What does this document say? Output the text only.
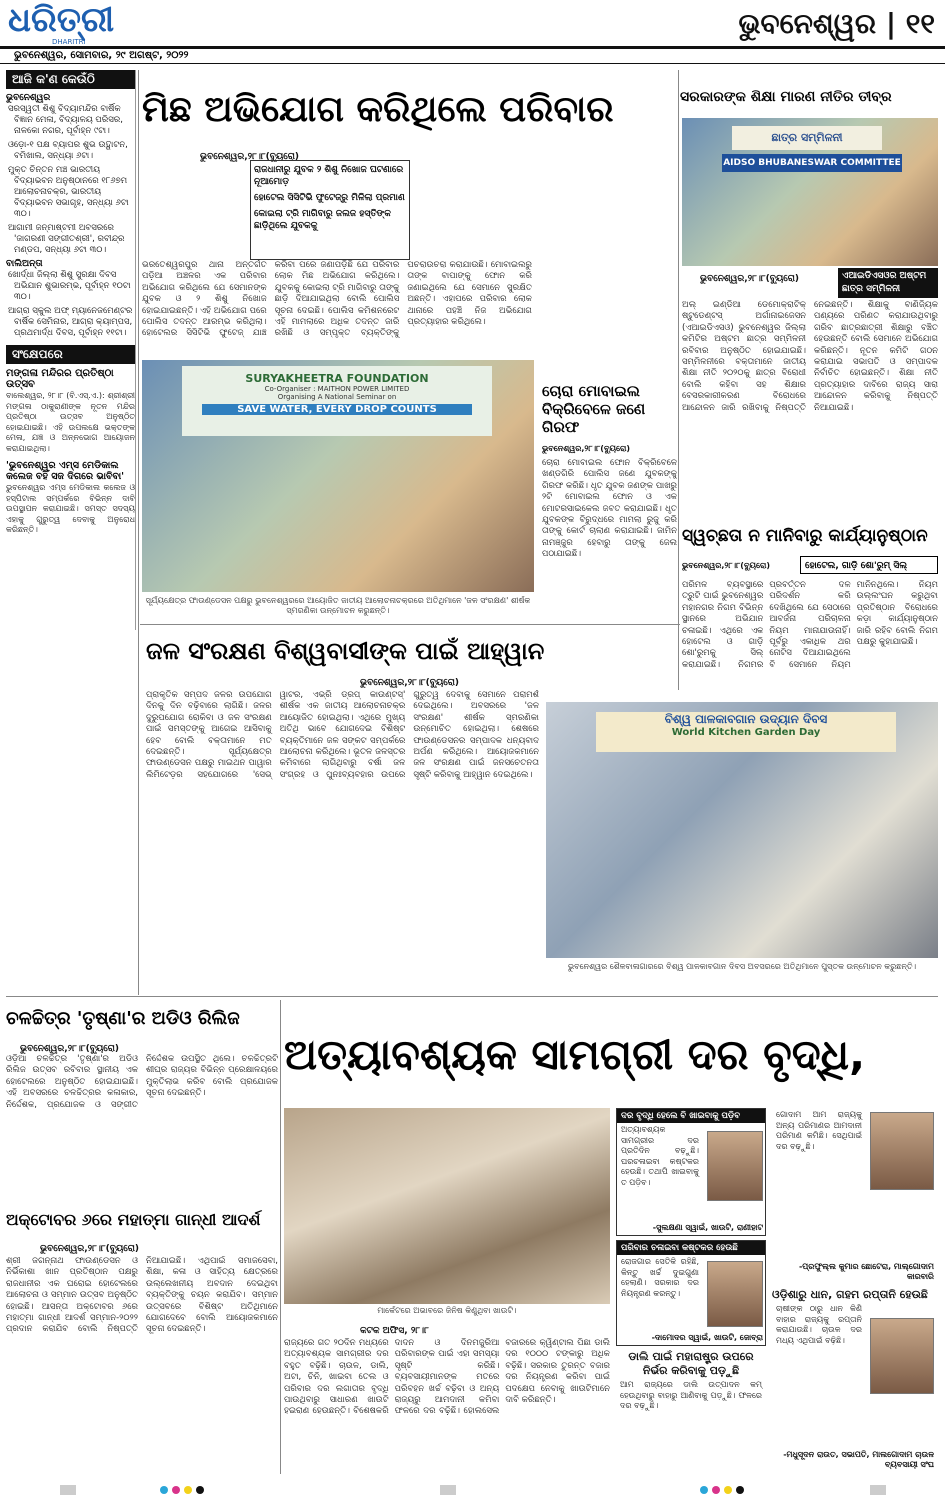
ଧରିତ୍ରୀ
DHARITRI
ଭୁବନେଶ୍ୱର | ୧୧
ଭୁବନେଶ୍ୱର, ସୋମବାର, ୨୯ ଅଗଷ୍ଟ, ୨୦୨୨
ଆଜି କ'ଣ କେଉଁଠି
ଭୁବନେଶ୍ୱର
ସରସ୍ୱତୀ ଶିଶୁ ବିଦ୍ୟାମନ୍ଦିର ବାର୍ଷିକ ବିଜ୍ଞାନ ମେଳା, ବିଦ୍ୟାଳୟ ପରିସର, ନାଳକୋ ନଗର, ପୂର୍ବାହ୍ନ ୯ଟା।
ଓଡ଼ୋ-୧ ପକ୍ଷ ବ୍ୟାପର ଶୁଭ ଉଦ୍ଘାଟନ, ବମିଖାଲ, ସନ୍ଧ୍ୟା ୬ଟା।
ମୁକ୍ତ ଚିନ୍ତନ ମଞ୍ଚ ଭାରତୀୟ ବିଦ୍ୟାଭବନ ଅନୁଷ୍ଠାନରେ ୧୮୬୭ମ ଆଲୋଚନାଚକ୍ର, ଭାରତୀୟ ବିଦ୍ୟାଭବନ ସଭାଗୃହ, ସନ୍ଧ୍ୟା ୬ଟା ୩୦।
ଆଗାମୀ ଜନ୍ମାଷ୍ଟମୀ ଅବସରରେ 'ଜାଗରଣୀ ସଙ୍ଗୀତଶ୍ରୀ', ରବୀନ୍ଦ୍ର ମଣ୍ଡପ, ସନ୍ଧ୍ୟା ୬ଟା ୩୦।
ବାଲିଅନ୍ତା
ଖୋର୍ଦ୍ଧା ଜିଲ୍ଲା ଶିଶୁ ସୁରକ୍ଷା ଦିବସ ଅଭିଯାନ ଶୁଭାରମ୍ଭ, ପୂର୍ବାହ୍ନ ୧୦ଟା ୩୦।
ଆଗ୍ରା ସ୍କୁଲ ଅଫ୍ ମ୍ୟାନେଜମେଣ୍ଟର ବାର୍ଷିକ ସେମିନାର, ଆଗ୍ରା କ୍ୟାମ୍ପସ, ପ୍ରଥମାର୍ଦ୍ଧ ଦିବସ, ପୂର୍ବାହ୍ନ ୧୧ଟା।
ସଂକ୍ଷେପରେ
ମଙ୍ଗଳା ମନ୍ଦିରର ପ୍ରତିଷ୍ଠା ଉତ୍ସବ
ବାଲେଶ୍ୱର, ୨୮।୮ (ବି.ଏସ୍.ଏ.): ଶ୍ରୀଶ୍ରୀ ମଙ୍ଗଳା ଠାକୁରାଣୀଙ୍କ ନୂତନ ମନ୍ଦିର ପ୍ରତିଷ୍ଠା ଉତ୍ସବ ଅନୁଷ୍ଠିତ ହୋଇଯାଇଛି। ଏହି ଉପଲକ୍ଷେ ଭକ୍ତଙ୍କ ମେଳା, ଯଜ୍ଞ ଓ ଅନ୍ନଭୋଗ ଆୟୋଜନ କରାଯାଇଥିଲା।
'ଭୁବନେଶ୍ୱର ଏମ୍ସ ମେଡିକାଲ କଲେଜ ବହିଁ ସଜ ଦିଗରେ ଭାବିବା'
ଭୁବନେଶ୍ୱର ଏମ୍ସ ମେଡିକାଲ କଲେଜ ଓ ହସ୍ପିଟାଲ ସମ୍ପର୍କରେ ବିଭିନ୍ନ ଦାବି ଉପସ୍ଥାପନ କରାଯାଇଛି। ସମସ୍ତ ସଦସ୍ୟ ଏହାକୁ ଗୁରୁତ୍ୱ ଦେବାକୁ ଅନୁରୋଧ କରିଛନ୍ତି।
ମିଛ ଅଭିଯୋଗ କରିଥିଲେ ପରିବାର
ଭୁବନେଶ୍ୱର,୨୮।୮(ବ୍ୟୁରୋ)
ରାଜଧାନୀରୁ ଯୁବକ ୨ ଶିଶୁ ନିଖୋଜ ଘଟଣାରେ ନୂଆମୋଡ଼
ହୋଟେଲ ସିସିଟିଭି ଫୁଟେଜ୍ରୁ ମିଳିଲା ପ୍ରମାଣ
କୋଇଲା ଟ୍ରି ମାଗିବାରୁ ଜଲଜ ହସ୍ତିଙ୍କ ଛାଡ଼ିଥିଲେ ଯୁବକକୁ
ଭରତେଶ୍ୱରପୁର ଥାନା ଅନ୍ତର୍ଗତ ପଡ଼ିଆ ଅଞ୍ଚଳର ଏକ ପରିବାର ଅଭିଯୋଗ କରିଥିଲେ ଯେ ସେମାନଙ୍କ ଯୁବକ ଓ ୨ ଶିଶୁ ନିଖୋଜ ହୋଇଯାଇଛନ୍ତି। ଏହି ଅଭିଯୋଗ ପରେ ପୋଲିସ ତଦନ୍ତ ଆରମ୍ଭ କରିଥିଲା। ହୋଟେଲର ସିସିଟିଭି ଫୁଟେଜ୍ ଯାଞ୍ଚ କରିବା ପରେ ଜଣାପଡ଼ିଛି ଯେ ପରିବାର ଲୋକ ମିଛ ଅଭିଯୋଗ କରିଥିଲେ। ଯୁବକକୁ କୋଇଲା ଟ୍ରି ମାଗିବାରୁ ତାଙ୍କୁ ଛାଡ଼ି ଦିଆଯାଇଥିଲା ବୋଲି ପୋଲିସ ସୂଚନା ଦେଇଛି। ପୋଲିସ କମିଶନରେଟ ଏହି ମାମଲାରେ ଅଧିକ ତଦନ୍ତ ଜାରି ରଖିଛି ଓ ସମ୍ପୃକ୍ତ ବ୍ୟକ୍ତିଙ୍କୁ ପଚରାଉଚରା କରାଯାଉଛି। ମୋବାଇଲରୁ ତାଙ୍କ ବାପାଙ୍କୁ ଫୋନ କରି ଜଣାଇଥିଲେ ଯେ ସେମାନେ ସୁରକ୍ଷିତ ଅଛନ୍ତି। ଏହାପରେ ପରିବାର ଲୋକ ଥାନାରେ ପହଞ୍ଚି ନିଜ ଅଭିଯୋଗ ପ୍ରତ୍ୟାହାର କରିଥିଲେ।
ସରକାରଙ୍କ ଶିକ୍ଷା ମାରଣ ନୀତିର ତୀବ୍ର
ଛାତ୍ର ସମ୍ମିଳନୀ
AIDSO BHUBANESWAR COMMITTEE
ଭୁବନେଶ୍ୱର,୨୮।୮(ବ୍ୟୁରୋ)	ଏଆଇଡିଏସଓର ଅଷ୍ଟମ ଛାତ୍ର ସମ୍ମିଳନୀ
ଅଲ୍ ଇଣ୍ଡିଆ ଡେମୋକ୍ରାଟିକ୍ ଷ୍ଟୁଡେଣ୍ଟସ୍ ଅର୍ଗାନାଇଜେସନ (ଏଆଇଡିଏସଓ) ଭୁବନେଶ୍ୱର ଜିଲ୍ଲା କମିଟିର ଅଷ୍ଟମ ଛାତ୍ର ସମ୍ମିଳନୀ ରବିବାର ଅନୁଷ୍ଠିତ ହୋଇଯାଇଛି। ସମ୍ମିଳନୀରେ ବକ୍ତାମାନେ ଜାତୀୟ ଶିକ୍ଷା ନୀତି ୨୦୨୦କୁ ଛାତ୍ର ବିରୋଧୀ ବୋଲି କହିବା ସହ ଶିକ୍ଷାର ବେସରକାରୀକରଣ ବିରୋଧରେ ଆନ୍ଦୋଳନ ଜାରି ରଖିବାକୁ ନିଷ୍ପତ୍ତି ନେଇଛନ୍ତି। ଶିକ୍ଷାକୁ ବାଣିଜ୍ୟିକ ପଣ୍ୟରେ ପରିଣତ କରାଯାଉଥିବାରୁ ଗରିବ ଛାତ୍ରଛାତ୍ରୀ ଶିକ୍ଷାରୁ ବଞ୍ଚିତ ହେଉଛନ୍ତି ବୋଲି ସେମାନେ ଅଭିଯୋଗ କରିଛନ୍ତି। ନୂତନ କମିଟି ଗଠନ କରାଯାଇ ସଭାପତି ଓ ସମ୍ପାଦକ ନିର୍ବାଚିତ ହୋଇଛନ୍ତି। ଶିକ୍ଷା ନୀତି ପ୍ରତ୍ୟାହାର ଦାବିରେ ରାଜ୍ୟ ସାରା ଆନ୍ଦୋଳନ କରିବାକୁ ନିଷ୍ପତ୍ତି ନିଆଯାଇଛି।
SURYAKHEETRA FOUNDATION
Co-Organiser : MAITHON POWER LIMITED
Organising A National Seminar on
SAVE WATER, EVERY DROP COUNTS
ସୂର୍ଯ୍ୟକ୍ଷେତ୍ର ଫାଉଣ୍ଡେସନ ପକ୍ଷରୁ ଭୁବନେଶ୍ୱରରେ ଆୟୋଜିତ ଜାତୀୟ ଆଲୋଚନାଚକ୍ରରେ ଅତିଥିମାନେ 'ଜଳ ସଂରକ୍ଷଣ' ଶୀର୍ଷକ ସ୍ମରଣିକା ଉନ୍ମୋଚନ କରୁଛନ୍ତି।
ଚୋରା ମୋବାଇଲ ବିକ୍ରିବେଳେ ଜଣେ ଗିରଫ
ଭୁବନେଶ୍ୱର,୨୮।୮(ବ୍ୟୁରୋ)
ଚୋରା ମୋବାଇଲ ଫୋନ ବିକ୍ରିବେଳେ ଖଣ୍ଡଗିରି ପୋଲିସ ଜଣେ ଯୁବକଙ୍କୁ ଗିରଫ କରିଛି। ଧୃତ ଯୁବକ ଜଣଙ୍କ ପାଖରୁ ୨ଟି ମୋବାଇଲ ଫୋନ ଓ ଏକ ମୋଟରସାଇକେଲ ଜବତ କରାଯାଇଛି। ଧୃତ ଯୁବକଙ୍କ ବିରୁଦ୍ଧରେ ମାମଲା ରୁଜୁ କରି ତାଙ୍କୁ କୋର୍ଟ ଚାଲାଣ କରାଯାଇଛି। ଜାମିନ ନାମଞ୍ଜୁର ହେବାରୁ ତାଙ୍କୁ ଜେଲ ପଠାଯାଇଛି।
ସ୍ୱଚ୍ଛତା ନ ମାନିବାରୁ କାର୍ଯ୍ୟାନୁଷ୍ଠାନ
ଭୁବନେଶ୍ୱର,୨୮।୮(ବ୍ୟୁରୋ)	ହୋଟେଲ, ଗାଡ଼ି ଶୋ'ରୁମ୍ ସିଲ୍
ପରିମଳ ବ୍ୟବସ୍ଥାରେ ତ୍ରୁଟି ପାଇଁ ଭୁବନେଶ୍ୱର ମହାନଗର ନିଗମ ବିଭିନ୍ନ ସ୍ଥାନରେ ଅଭିଯାନ ଚଳାଇଛି। ଏଥିରେ ଏକ ହୋଟେଲ ଓ ଗାଡ଼ି ଶୋ'ରୁମକୁ ସିଲ୍ କରାଯାଇଛି। ନିଗମର ପ୍ରବର୍ତ୍ତନ ଦଳ ପରିଦର୍ଶନ କରି ଦେଖିଥିଲେ ଯେ ସେଠାରେ ଆବର୍ଜନା ପରିଚାଳନା ନିୟମ ମାନାଯାଉନାହିଁ। ପୂର୍ବରୁ ଏକାଧିକ ଥର ନୋଟିସ ଦିଆଯାଇଥିଲେ ବି ସେମାନେ ନିୟମ ମାନିନଥିଲେ। ନିୟମ ଉଲ୍ଲଂଘନ କରୁଥିବା ପ୍ରତିଷ୍ଠାନ ବିରୋଧରେ କଡ଼ା କାର୍ଯ୍ୟାନୁଷ୍ଠାନ ଜାରି ରହିବ ବୋଲି ନିଗମ ପକ୍ଷରୁ କୁହାଯାଇଛି।
ଜଳ ସଂରକ୍ଷଣ ବିଶ୍ୱବାସୀଙ୍କ ପାଇଁ ଆହ୍ୱାନ
ଭୁବନେଶ୍ୱର,୨୮।୮(ବ୍ୟୁରୋ)
ପ୍ରାକୃତିକ ସମ୍ପଦ ଜଳର ଉପଯୋଗ ଦିନକୁ ଦିନ ବଢ଼ିବାରେ ଲାଗିଛି। ଜଳର ଦୁରୁପଯୋଗ ରୋକିବା ଓ ଜଳ ସଂରକ୍ଷଣ ପାଇଁ ସମସ୍ତଙ୍କୁ ଆଗେଇ ଆସିବାକୁ ହେବ ବୋଲି ବକ୍ତାମାନେ ମତ ଦେଇଛନ୍ତି। ସୂର୍ଯ୍ୟକ୍ଷେତ୍ର ଫାଉଣ୍ଡେସନ ପକ୍ଷରୁ ମାଇଥନ ପାୱାର ଲିମିଟେଡ଼ର ସହଯୋଗରେ 'ସେଭ୍ ୱାଟର, ଏଭ୍ରି ଡ୍ରପ୍ କାଉଣ୍ଟସ୍' ଶୀର୍ଷକ ଏକ ଜାତୀୟ ଆଲୋଚନାଚକ୍ର ଆୟୋଜିତ ହୋଇଥିଲା। ଏଥିରେ ମୁଖ୍ୟ ଅତିଥି ଭାବେ ଯୋଗଦେଇ ବିଶିଷ୍ଟ ବ୍ୟକ୍ତିମାନେ ଜଳ ସଙ୍କଟ ସମ୍ପର୍କରେ ଆଲୋଚନା କରିଥିଲେ। ଭୂତଳ ଜଳସ୍ତର କମିବାରେ ଲାଗିଥିବାରୁ ବର୍ଷା ଜଳ ସଂଗ୍ରହ ଓ ପୁନଃବ୍ୟବହାର ଉପରେ ଗୁରୁତ୍ୱ ଦେବାକୁ ସେମାନେ ପରାମର୍ଶ ଦେଇଥିଲେ। ଅବସରରେ 'ଜଳ ସଂରକ୍ଷଣ' ଶୀର୍ଷକ ସ୍ମରଣିକା ଉନ୍ମୋଚିତ ହୋଇଥିଲା। ଶେଷରେ ଫାଉଣ୍ଡେସନର ସମ୍ପାଦକ ଧନ୍ୟବାଦ ଅର୍ପଣ କରିଥିଲେ। ଆୟୋଜକମାନେ ଜଳ ସଂରକ୍ଷଣ ପାଇଁ ଜନସଚେତନତା ସୃଷ୍ଟି କରିବାକୁ ଆହ୍ୱାନ ଦେଇଥିଲେ।
ବିଶ୍ୱ ପାଳକାବଗାନ ଉଦ୍ୟାନ ଦିବସ
World Kitchen Garden Day
ଭୁବନେଶ୍ୱର ଶୈଳବାଳାଗାରରେ ବିଶ୍ୱ ପାଳକାବଗାନ ଦିବସ ଅବସରରେ ଅତିଥିମାନେ ପୁସ୍ତକ ଉନ୍ମୋଚନ କରୁଛନ୍ତି।
ଚଳଚ୍ଚିତ୍ର 'ତୃଷ୍ଣା'ର ଅଡିଓ ରିଲିଜ
ଭୁବନେଶ୍ୱର,୨୮।୮(ବ୍ୟୁରୋ)
ଓଡ଼ିଆ ଚଳଚ୍ଚିତ୍ର 'ତୃଷ୍ଣା'ର ଅଡିଓ ରିଲିଜ ଉତ୍ସବ ରବିବାର ସ୍ଥାନୀୟ ଏକ ହୋଟେଲରେ ଅନୁଷ୍ଠିତ ହୋଇଯାଇଛି। ଏହି ଅବସରରେ ଚଳଚ୍ଚିତ୍ରର କଳାକାର, ନିର୍ଦ୍ଦେଶକ, ପ୍ରଯୋଜକ ଓ ସଙ୍ଗୀତ ନିର୍ଦ୍ଦେଶକ ଉପସ୍ଥିତ ଥିଲେ। ଚଳଚ୍ଚିତ୍ରଟି ଶୀଘ୍ର ରାଜ୍ୟର ବିଭିନ୍ନ ପ୍ରେକ୍ଷାଳୟରେ ମୁକ୍ତିଲାଭ କରିବ ବୋଲି ପ୍ରଯୋଜକ ସୂଚନା ଦେଇଛନ୍ତି।
ଅକ୍ଟୋବର ୬ରେ ମହାତ୍ମା ଗାନ୍ଧୀ ଆଦର୍ଶ
ଭୁବନେଶ୍ୱର,୨୮।୮(ବ୍ୟୁରୋ)
ଶ୍ରୀ ଜଗନ୍ନାଥ ଫାଉଣ୍ଡେସନ ଓ ନିର୍ଭିକାଶା ଖାନ ପ୍ରତିଷ୍ଠାନ ପକ୍ଷରୁ ରାଜଧାନୀର ଏକ ଘରୋଇ ହୋଟେଲରେ ଆଲୋଚନା ଓ ସମ୍ମାନ ଉତ୍ସବ ଅନୁଷ୍ଠିତ ହୋଇଛି। ଆସନ୍ତା ଅକ୍ଟୋବର ୬ରେ ମହାତ୍ମା ଗାନ୍ଧୀ ଆଦର୍ଶ ସମ୍ମାନ-୨୦୨୨ ପ୍ରଦାନ କରାଯିବ ବୋଲି ନିଷ୍ପତ୍ତି ନିଆଯାଇଛି। ଏଥିପାଇଁ ସମାଜସେବା, ଶିକ୍ଷା, କଳା ଓ ସାହିତ୍ୟ କ୍ଷେତ୍ରରେ ଉଲ୍ଲେଖନୀୟ ଅବଦାନ ଦେଇଥିବା ବ୍ୟକ୍ତିଙ୍କୁ ଚୟନ କରାଯିବ। ସମ୍ମାନ ଉତ୍ସବରେ ବିଶିଷ୍ଟ ଅତିଥିମାନେ ଯୋଗଦେବେ ବୋଲି ଆୟୋଜକମାନେ ସୂଚନା ଦେଇଛନ୍ତି।
ଅତ୍ୟାବଶ୍ୟକ ସାମଗ୍ରୀ ଦର ବୃଦ୍ଧି,
ମାର୍କେଟରେ ଅଭାବରେ ଜିନିଷ କିଣୁଥିବା ଖାଉଟି।
କଟକ ଅଫିସ, ୨୮।୮
ରାଜ୍ୟରେ ଗତ ୨୦ଦିନ ମଧ୍ୟରେ ଅତ୍ୟାବଶ୍ୟକ ସାମଗ୍ରୀର ଦର ବହୁତ ବଢ଼ିଛି। ଚାଉଳ, ଡାଲି, ଅଟା, ଚିନି, ଖାଇବା ତେଲ ଓ ପରିବାର ଦର ଲଗାତାର ବୃଦ୍ଧି ପାଉଥିବାରୁ ସାଧାରଣ ଖାଉଟି ହଇରାଣ ହେଉଛନ୍ତି। ବିଶେଷକରି ଦାଦନ ଓ ଦିନମଜୁରିଆ ପରିବାରଙ୍କ ପାଇଁ ଏହା ସମସ୍ୟା ସୃଷ୍ଟି କରିଛି। ବ୍ୟବସାୟୀମାନଙ୍କ ମତରେ ପରିବହନ ଖର୍ଚ୍ଚ ବଢ଼ିବା ଓ ଅନ୍ୟ ରାଜ୍ୟରୁ ଆମଦାନୀ କମିବା ଫଳରେ ଦର ବଢ଼ିଛି। ହୋଲସେଲ ବଜାରରେ କ୍ୱିଣ୍ଟାଲ ପିଛା ଡାଲି ଦର ୧୦୦୦ ଟଙ୍କାରୁ ଅଧିକ ବଢ଼ିଛି। ସରକାର ତୁରନ୍ତ ବଜାର ଦର ନିୟନ୍ତ୍ରଣ କରିବା ପାଇଁ ପଦକ୍ଷେପ ନେବାକୁ ଖାଉଟିମାନେ ଦାବି କରିଛନ୍ତି।
ଦର ବୃଦ୍ଧି ହେଲେ ବି ଖାଇବାକୁ ପଡ଼ିବ
ଅତ୍ୟାବଶ୍ୟକ ସାମଗ୍ରୀର ଦର ପ୍ରତିଦିନ ବଢ଼ୁଛି। ଘରଚଳାଇବା କଷ୍ଟକର ହେଉଛି। ତଥାପି ଖାଇବାକୁ ତ ପଡ଼ିବ।
-ସୁଲକ୍ଷଣା ସ୍ୱାଇଁ, ଖାଉଟି, ରାଣୀହାଟ
ପରିବାର ଚଳାଇବା କଷ୍ଟକର ହେଉଛି
ରୋଜଗାର ସେତିକି ରହିଛି, କିନ୍ତୁ ଖର୍ଚ୍ଚ ଦୁଇଗୁଣା ହେଲାଣି। ସରକାର ଦର ନିୟନ୍ତ୍ରଣ କରନ୍ତୁ।
-ଦାମୋଦର ସ୍ୱାଇଁ, ଖାଉଟି, ଜୋବ୍ରା
ଡାଲି ପାଇଁ ମହାରାଷ୍ଟ୍ର ଉପରେ ନିର୍ଭର କରିବାକୁ ପଡ଼ୁଛି
ଆମ ରାଜ୍ୟରେ ଡାଲି ଉତ୍ପାଦନ କମ୍ ହେଉଥିବାରୁ ବାହାରୁ ଆଣିବାକୁ ପଡ଼ୁଛି। ଫଳରେ ଦର ବଢ଼ୁଛି।
ଗୋଦାମ ଆମ ରାଜ୍ୟକୁ ଅନ୍ୟ ପରିମାଣର ଆମଦାନୀ ପରିମାଣ କମିଛି। ସେଥିପାଇଁ ଦର ବଢ଼ୁଛି।
-ପ୍ରଫୁଲ୍ଲ କୁମାର ଛୋଟେରା, ମାଲ୍ଗୋଦାମ କାରବାରି
ଓଡ଼ିଶାରୁ ଧାନ, ଗହମ ରପ୍ତାନି ହେଉଛି
ଚାଷୀଙ୍କ ଠାରୁ ଧାନ କିଣି ବାହାର ରାଜ୍ୟକୁ ରପ୍ତାନି କରାଯାଉଛି। ଚାଉଳ ଦର ମଧ୍ୟ ଏଥିପାଇଁ ବଢ଼ିଛି।
-ମଧୁସୂଦନ ରାଉତ, ସଭାପତି, ମାଲଗୋଦାମ ଚାଉଳ ବ୍ୟବସାୟୀ ସଂଘ
